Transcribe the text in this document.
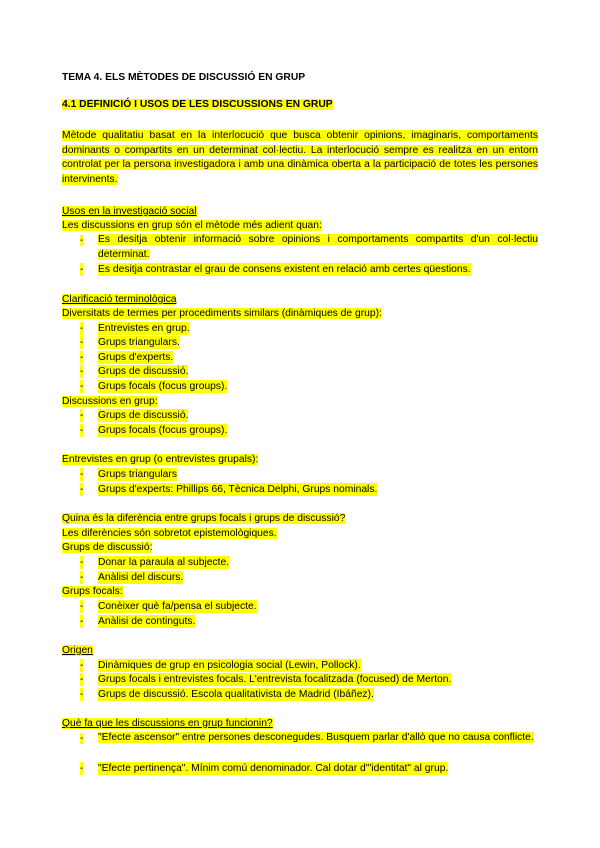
TEMA 4. ELS MÈTODES DE DISCUSSIÓ EN GRUP
4.1 DEFINICIÓ I USOS DE LES DISCUSSIONS EN GRUP
Mètode qualitatiu basat en la interlocució que busca obtenir opinions, imaginaris, comportaments dominants o compartits en un determinat col·lectiu. La interlocució sempre es realitza en un entorn controlat per la persona investigadora i amb una dinàmica oberta a la participació de totes les persones intervinents.
Usos en la investigació social
Les discussions en grup són el mètode més adient quan:
- Es desitja obtenir informació sobre opinions i comportaments compartits d'un col·lectiu determinat.
- Es desitja contrastar el grau de consens existent en relació amb certes qüestions.
Clarificació terminològica
Diversitats de termes per procediments similars (dinàmiques de grup):
- Entrevistes en grup.
- Grups triangulars.
- Grups d'experts.
- Grups de discussió.
- Grups focals (focus groups).
Discussions en grup:
- Grups de discussió.
- Grups focals (focus groups).
Entrevistes en grup (o entrevistes grupals):
- Grups triangulars
- Grups d'experts: Phillips 66, Tècnica Delphi, Grups nominals.
Quina és la diferència entre grups focals i grups de discussió?
Les diferències són sobretot epistemològiques.
Grups de discussió:
- Donar la paraula al subjecte.
- Anàlisi del discurs.
Grups focals:
- Conèixer què fa/pensa el subjecte.
- Anàlisi de continguts.
Origen
- Dinàmiques de grup en psicologia social (Lewin, Pollock).
- Grups focals i entrevistes focals. L'entrevista focalitzada (focused) de Merton.
- Grups de discussió. Escola qualitativista de Madrid (Ibáñez).
Què fa que les discussions en grup funcionin?
- "Efecte ascensor" entre persones desconegudes. Busquem parlar d'allò que no causa conflicte.
- "Efecte pertinença". Mínim comú denominador. Cal dotar d'"identitat" al grup.
